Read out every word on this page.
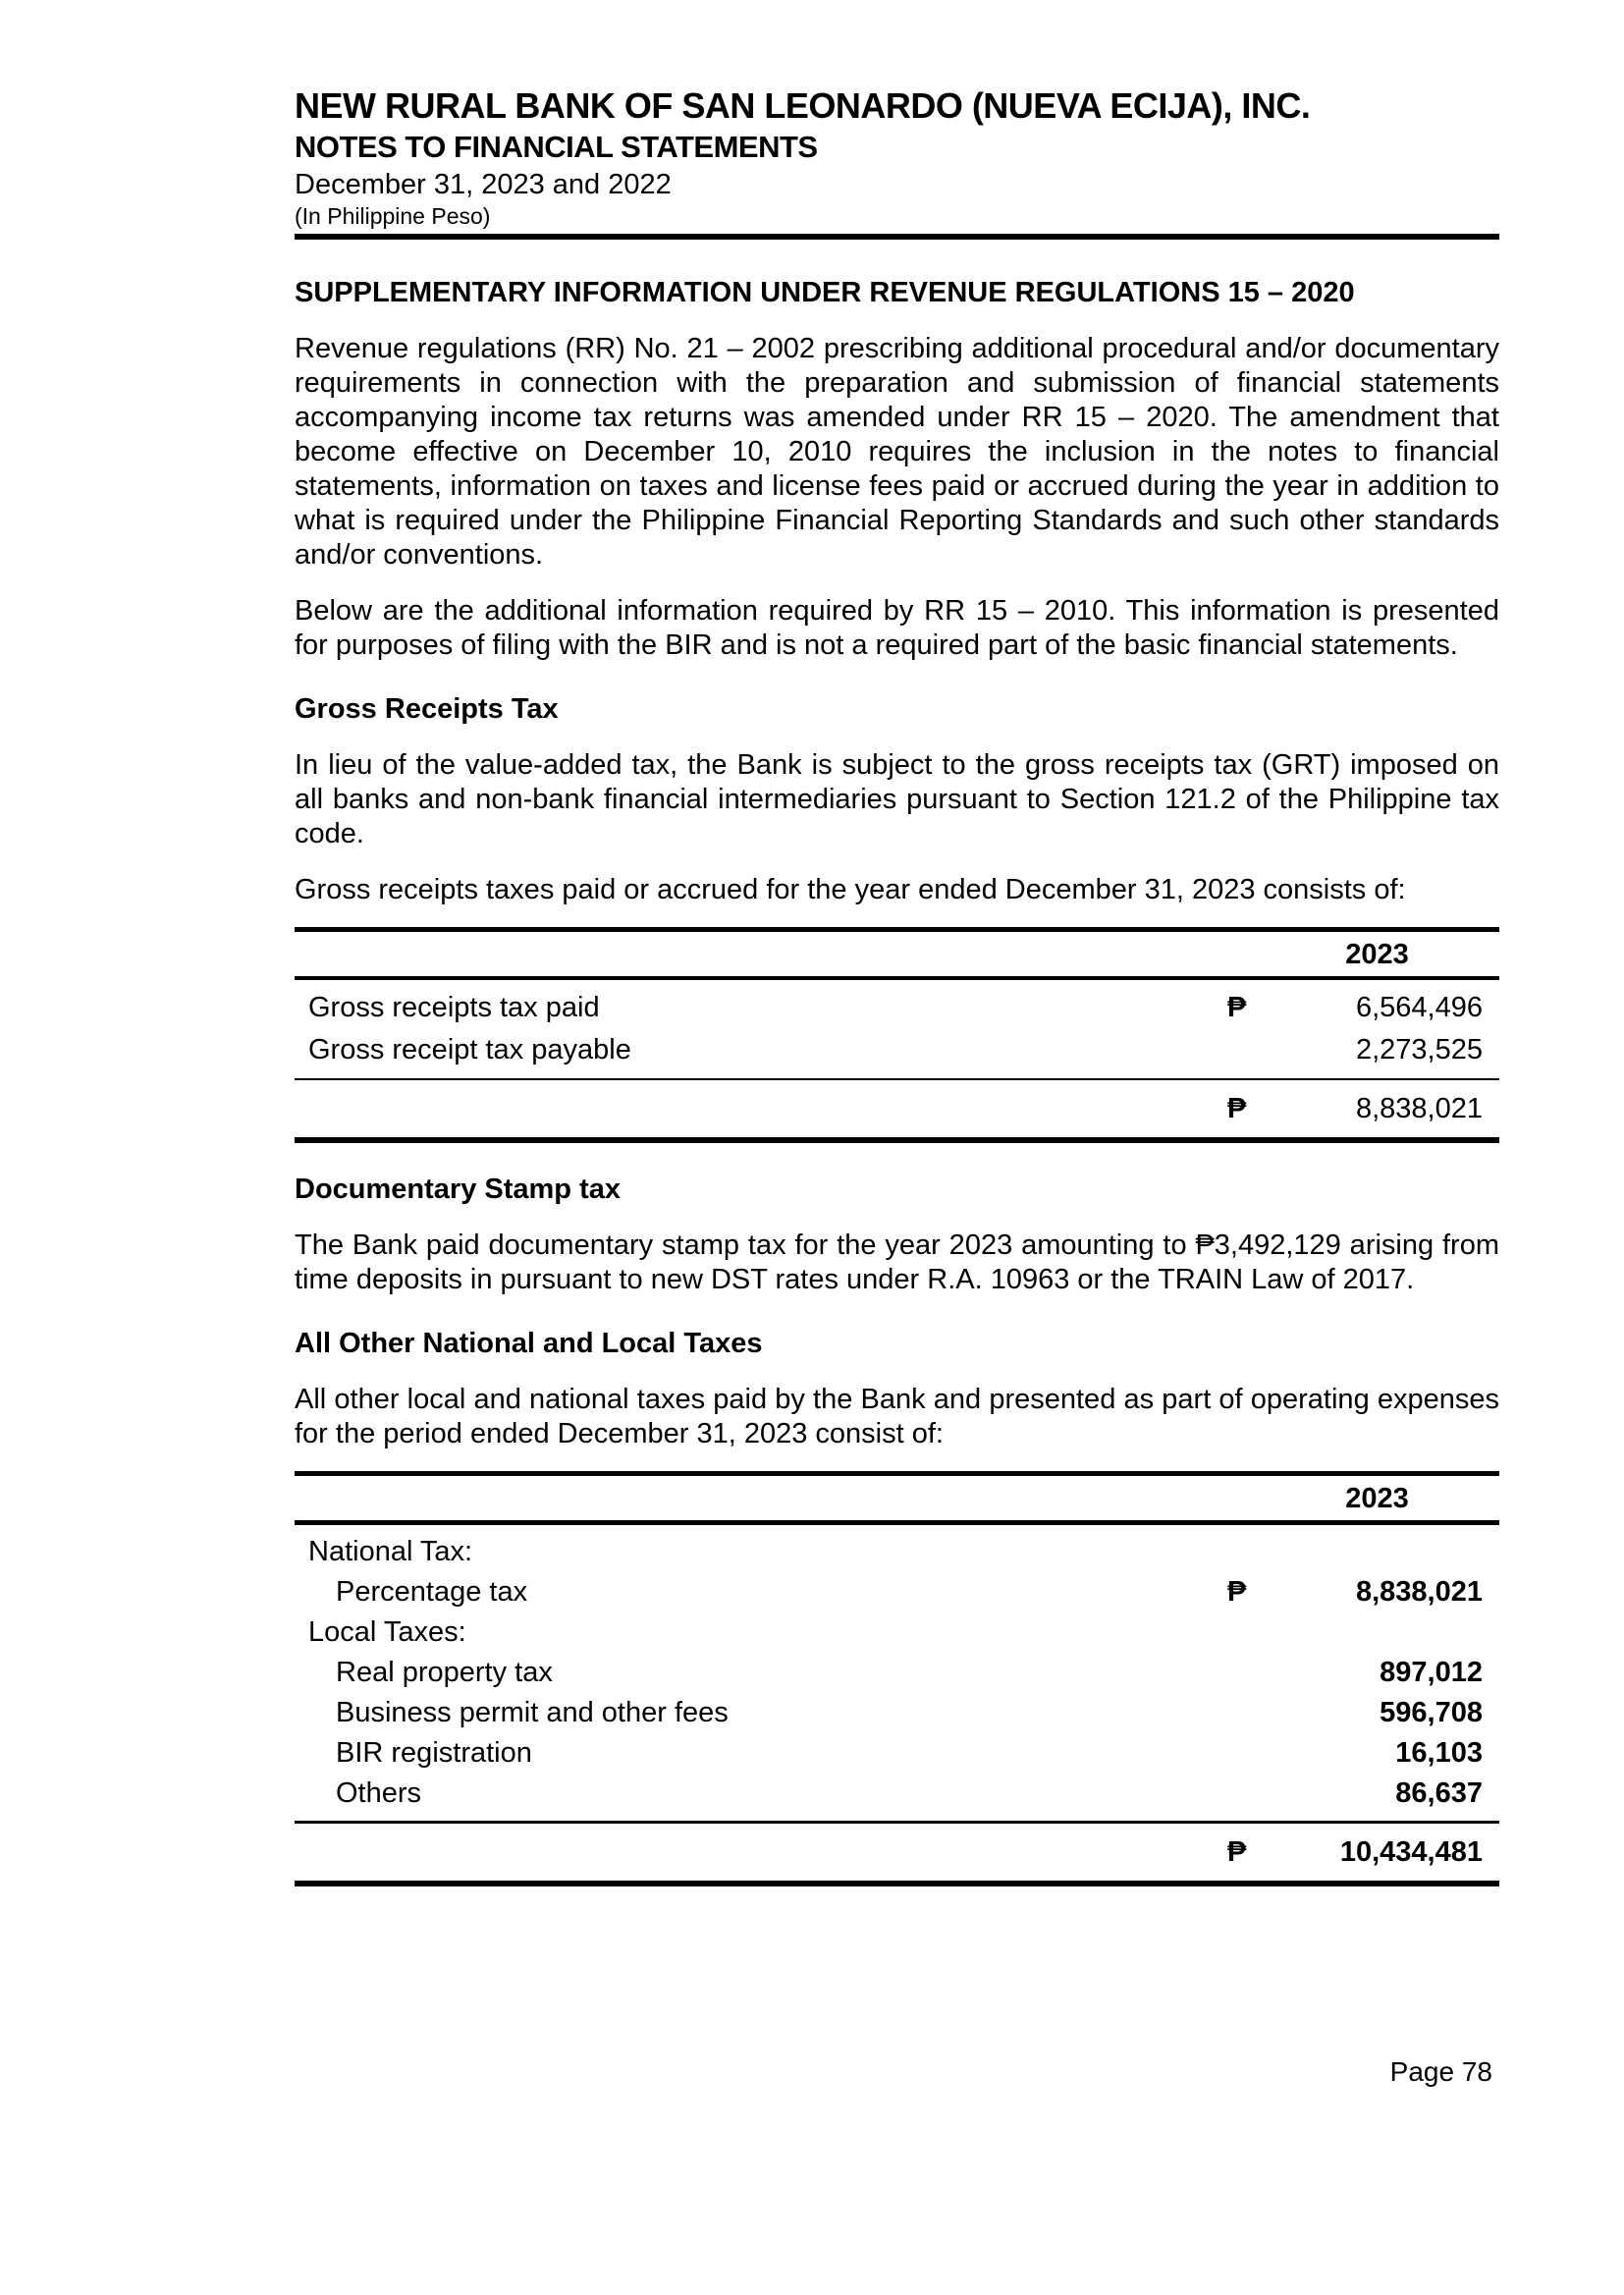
NEW RURAL BANK OF SAN LEONARDO (NUEVA ECIJA), INC.
NOTES TO FINANCIAL STATEMENTS
December 31, 2023 and 2022
(In Philippine Peso)
SUPPLEMENTARY INFORMATION UNDER REVENUE REGULATIONS 15 – 2020

Revenue regulations (RR) No. 21 – 2002 prescribing additional procedural and/or documentary requirements in connection with the preparation and submission of financial statements accompanying income tax returns was amended under RR 15 – 2020. The amendment that become effective on December 10, 2010 requires the inclusion in the notes to financial statements, information on taxes and license fees paid or accrued during the year in addition to what is required under the Philippine Financial Reporting Standards and such other standards and/or conventions.

Below are the additional information required by RR 15 – 2010. This information is presented for purposes of filing with the BIR and is not a required part of the basic financial statements.

Gross Receipts Tax

In lieu of the value-added tax, the Bank is subject to the gross receipts tax (GRT) imposed on all banks and non-bank financial intermediaries pursuant to Section 121.2 of the Philippine tax code.

Gross receipts taxes paid or accrued for the year ended December 31, 2023 consists of:

2023
Gross receipts tax paid	₱	6,564,496
Gross receipt tax payable	2,273,525
₱	8,838,021
Documentary Stamp tax

The Bank paid documentary stamp tax for the year 2023 amounting to ₱3,492,129 arising from time deposits in pursuant to new DST rates under R.A. 10963 or the TRAIN Law of 2017.

All Other National and Local Taxes

All other local and national taxes paid by the Bank and presented as part of operating expenses for the period ended December 31, 2023 consist of:

2023
National Tax:
Percentage tax	₱	8,838,021
Local Taxes:
Real property tax	897,012
Business permit and other fees	596,708
BIR registration	16,103
Others	86,637
₱	10,434,481
Page 78
